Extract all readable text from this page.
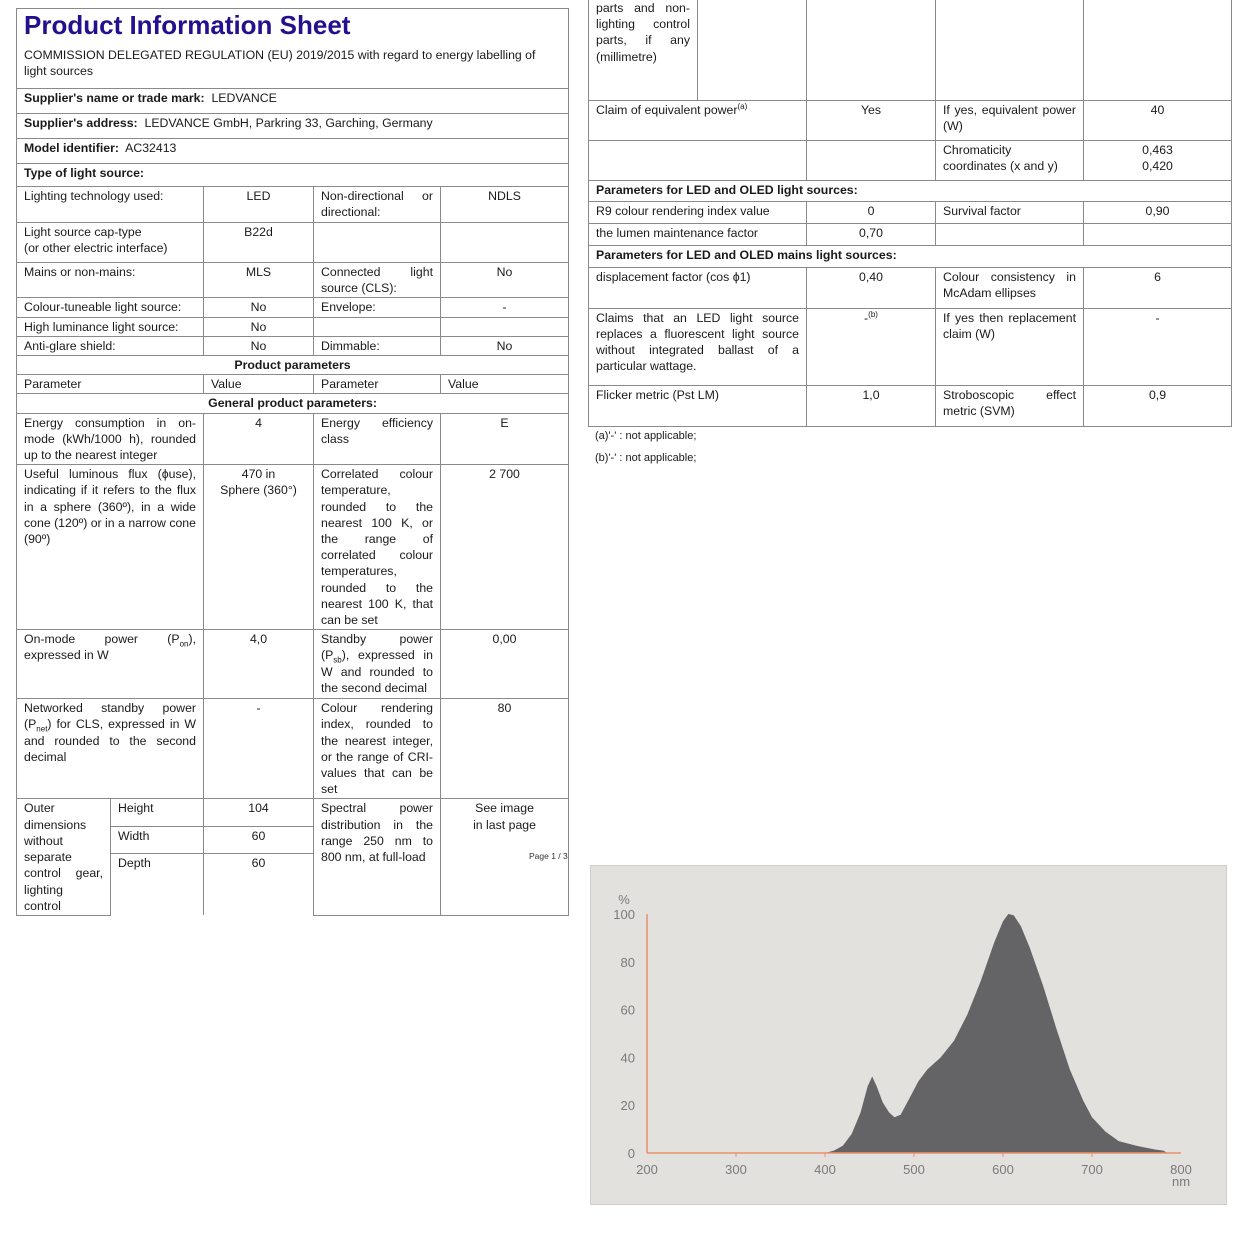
Product Information Sheet
COMMISSION DELEGATED REGULATION (EU) 2019/2015 with regard to energy labelling of light sources				

Supplier's name or trade mark:  LEDVANCE				
Supplier's address:  LEDVANCE GmbH, Parkring 33, Garching, Germany				
Model identifier:  AC32413				
Type of light source:				
Lighting technology used:		LED	Non-directional or directional:	NDLS
Light source cap-type
(or other electric interface)		B22d		
Mains or non-mains:		MLS	Connected light source (CLS):	No
Colour-tuneable light source:		No	Envelope:	-
High luminance light source:		No		
Anti-glare shield:		No	Dimmable:	No
Product parameters				
Parameter		Value	Parameter	Value
General product parameters:				
Energy consumption in on-mode (kWh/1000 h), rounded up to the nearest integer		4	Energy efficiency class	E
Useful luminous flux (ϕuse), indicating if it refers to the flux in a sphere (360º), in a wide cone (120º) or in a narrow cone (90º)		470 in
Sphere (360°)	Correlated colour temperature, rounded to the nearest 100 K, or the range of correlated colour temperatures, rounded to the nearest 100 K, that can be set	2 700
On-mode power $(P_{on})$, expressed in W		4,0	Standby power $(P_{sb})$, expressed in W and rounded to the second decimal	0,00
Networked standby power $(P_{net})$ for CLS, expressed in W and rounded to the second decimal		-	Colour rendering index, rounded to the nearest integer, or the range of CRI-values that can be set	80
Outer dimensions without separate control gear, lighting control	Height	104	Spectral power distribution in the range 250 nm to 800 nm, at full-load	See image
in last page
	Width	60		
	Depth	60		
parts and non-lighting control parts, if any (millimetre)				
Claim of equivalent power$^{(a)}$		Yes	If yes, equivalent power (W)	40
			Chromaticity coordinates (x and y)	0,463
0,420
Parameters for LED and OLED light sources:				
R9 colour rendering index value		0	Survival factor	0,90
the lumen maintenance factor		0,70		
Parameters for LED and OLED mains light sources:				
displacement factor (cos ϕ1)		0,40	Colour consistency in McAdam ellipses	6
Claims that an LED light source replaces a fluorescent light source without integrated ballast of a particular wattage.		-$^{(b)}$	If yes then replacement claim (W)	-
Flicker metric (Pst LM)		1,0	Stroboscopic effect metric (SVM)	0,9
(a)'-' : not applicable;
(b)'-' : not applicable;
Page 1 / 3
200	300	400	500	600	700	800
0
20
40
60
80
100
nm
%
